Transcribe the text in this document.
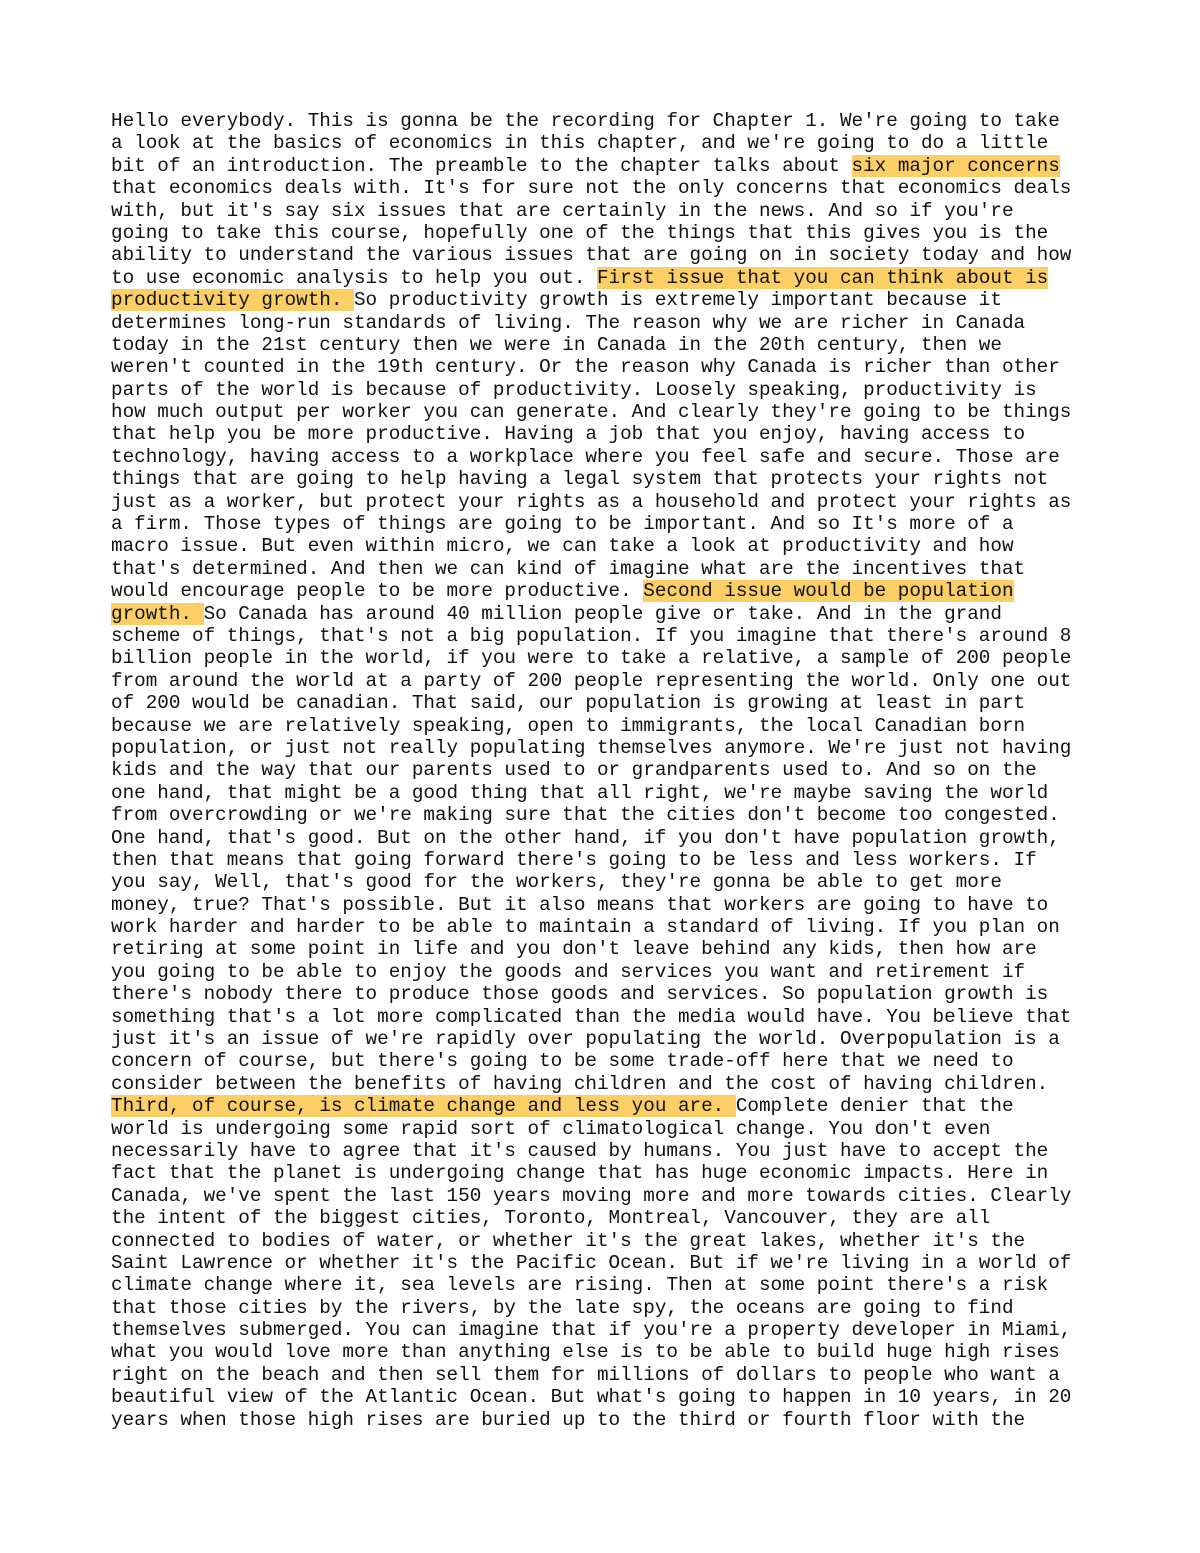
Hello everybody. This is gonna be the recording for Chapter 1. We're going to take
a look at the basics of economics in this chapter, and we're going to do a little
bit of an introduction. The preamble to the chapter talks about six major concerns
that economics deals with. It's for sure not the only concerns that economics deals
with, but it's say six issues that are certainly in the news. And so if you're
going to take this course, hopefully one of the things that this gives you is the
ability to understand the various issues that are going on in society today and how
to use economic analysis to help you out. First issue that you can think about is
productivity growth. So productivity growth is extremely important because it
determines long-run standards of living. The reason why we are richer in Canada
today in the 21st century then we were in Canada in the 20th century, then we
weren't counted in the 19th century. Or the reason why Canada is richer than other
parts of the world is because of productivity. Loosely speaking, productivity is
how much output per worker you can generate. And clearly they're going to be things
that help you be more productive. Having a job that you enjoy, having access to
technology, having access to a workplace where you feel safe and secure. Those are
things that are going to help having a legal system that protects your rights not
just as a worker, but protect your rights as a household and protect your rights as
a firm. Those types of things are going to be important. And so It's more of a
macro issue. But even within micro, we can take a look at productivity and how
that's determined. And then we can kind of imagine what are the incentives that
would encourage people to be more productive. Second issue would be population
growth. So Canada has around 40 million people give or take. And in the grand
scheme of things, that's not a big population. If you imagine that there's around 8
billion people in the world, if you were to take a relative, a sample of 200 people
from around the world at a party of 200 people representing the world. Only one out
of 200 would be canadian. That said, our population is growing at least in part
because we are relatively speaking, open to immigrants, the local Canadian born
population, or just not really populating themselves anymore. We're just not having
kids and the way that our parents used to or grandparents used to. And so on the
one hand, that might be a good thing that all right, we're maybe saving the world
from overcrowding or we're making sure that the cities don't become too congested.
One hand, that's good. But on the other hand, if you don't have population growth,
then that means that going forward there's going to be less and less workers. If
you say, Well, that's good for the workers, they're gonna be able to get more
money, true? That's possible. But it also means that workers are going to have to
work harder and harder to be able to maintain a standard of living. If you plan on
retiring at some point in life and you don't leave behind any kids, then how are
you going to be able to enjoy the goods and services you want and retirement if
there's nobody there to produce those goods and services. So population growth is
something that's a lot more complicated than the media would have. You believe that
just it's an issue of we're rapidly over populating the world. Overpopulation is a
concern of course, but there's going to be some trade-off here that we need to
consider between the benefits of having children and the cost of having children.
Third, of course, is climate change and less you are. Complete denier that the
world is undergoing some rapid sort of climatological change. You don't even
necessarily have to agree that it's caused by humans. You just have to accept the
fact that the planet is undergoing change that has huge economic impacts. Here in
Canada, we've spent the last 150 years moving more and more towards cities. Clearly
the intent of the biggest cities, Toronto, Montreal, Vancouver, they are all
connected to bodies of water, or whether it's the great lakes, whether it's the
Saint Lawrence or whether it's the Pacific Ocean. But if we're living in a world of
climate change where it, sea levels are rising. Then at some point there's a risk
that those cities by the rivers, by the late spy, the oceans are going to find
themselves submerged. You can imagine that if you're a property developer in Miami,
what you would love more than anything else is to be able to build huge high rises
right on the beach and then sell them for millions of dollars to people who want a
beautiful view of the Atlantic Ocean. But what's going to happen in 10 years, in 20
years when those high rises are buried up to the third or fourth floor with the
